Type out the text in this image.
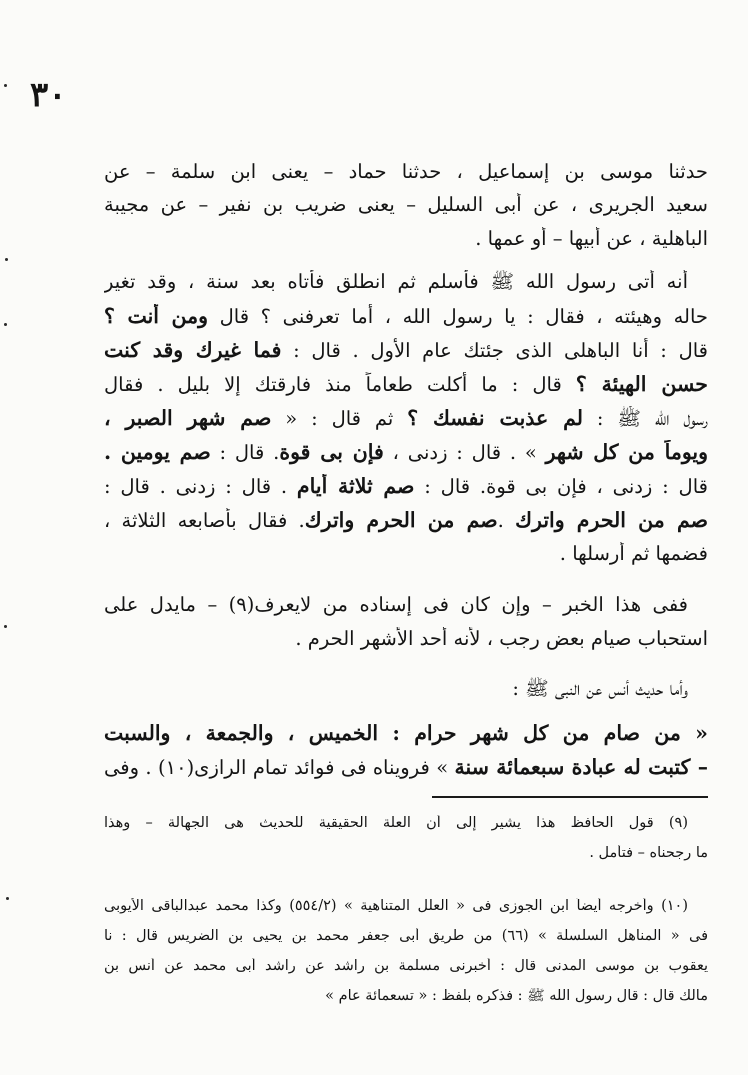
٣٠
حدثنا موسى بن إسماعيل ، حدثنا حماد – يعنى ابن سلمة – عن
سعيد الجريرى ، عن أبى السليل – يعنى ضريب بن نفير – عن مجيبة
الباهلية ، عن أبيها – أو عمها .
أنه أتى رسول الله ﷺ فأسلم ثم انطلق فأتاه بعد سنة ، وقد تغير
حاله وهيئته ، فقال : يا رسول الله ، أما تعرفنى ؟ قال ومن أنت ؟
قال : أنا الباهلى الذى جئتك عام الأول . قال : فما غيرك وقد كنت
حسن الهيئة ؟ قال : ما أكلت طعاماً منذ فارقتك إلا بليل . فقال
رسول الله ﷺ : لم عذبت نفسك ؟ ثم قال : « صم شهر الصبر ،
ويوماً من كل شهر » . قال : زدنى ، فإن بى قوة. قال : صم يومين .
قال : زدنى ، فإن بى قوة. قال : صم ثلاثة أيام . قال : زدنى . قال :
صم من الحرم واترك .صم من الحرم واترك. فقال بأصابعه الثلاثة ،
فضمها ثم أرسلها .
ففى هذا الخبر – وإن كان فى إسناده من لايعرف(٩) – مايدل على
استحباب صيام بعض رجب ، لأنه أحد الأشهر الحرم .
وأما حديث أنس عن النبى ﷺ :
« من صام من كل شهر حرام : الخميس ، والجمعة ، والسبت
– كتبت له عبادة سبعمائة سنة » فرويناه فى فوائد تمام الرازى(١٠) . وفى
(٩) قول الحافظ هذا يشير إلى أن العلة الحقيقية للحديث هى الجهالة – وهذا
ما رجحناه – فتأمل .
(١٠) وأخرجه أيضاً ابن الجوزى فى « العلل المتناهية » (٥٥٤/٢) وكذا محمد عبدالباقى الأيوبى
فى « المناهل السلسلة » (٦٦) من طريق أبى جعفر محمد بن يحيى بن الضريس قال : نا
يعقوب بن موسى المدنى قال : أخبرنى مسلمة بن راشد عن راشد أبى محمد عن أنس بن
مالك قال : قال رسول الله ﷺ : فذكره بلفظ : « تسعمائة عام »
